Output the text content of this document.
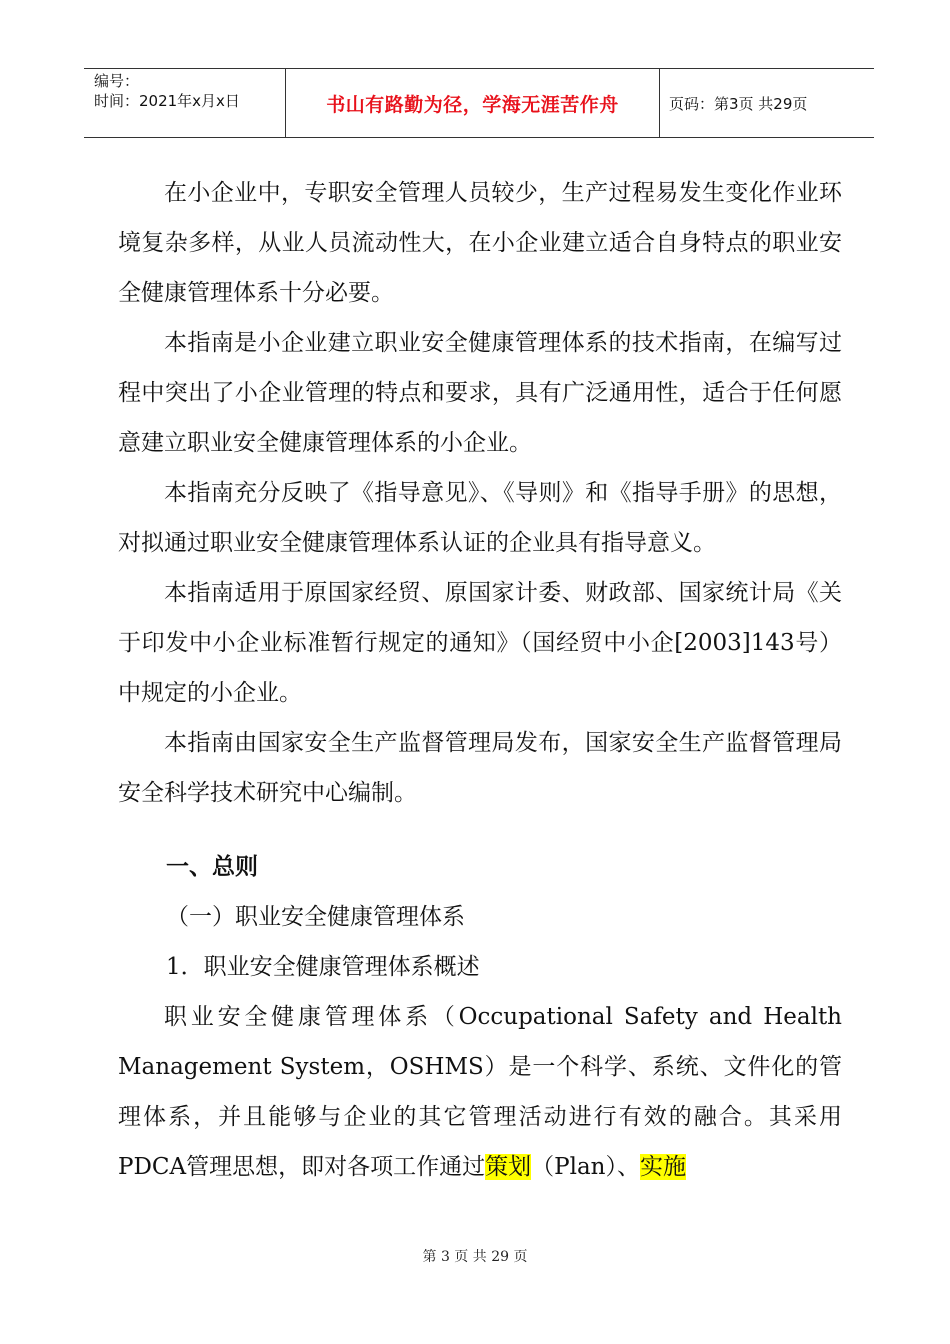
编号：
时间：2021年x月x日	书山有路勤为径，学海无涯苦作舟	页码：第3页 共29页

在小企业中，专职安全管理人员较少，生产过程易发生变化作业环境复杂多样，从业人员流动性大，在小企业建立适合自身特点的职业安全健康管理体系十分必要。

本指南是小企业建立职业安全健康管理体系的技术指南，在编写过程中突出了小企业管理的特点和要求，具有广泛通用性，适合于任何愿意建立职业安全健康管理体系的小企业。

本指南充分反映了《指导意见》、《导则》和《指导手册》的思想，对拟通过职业安全健康管理体系认证的企业具有指导意义。

本指南适用于原国家经贸、原国家计委、财政部、国家统计局《关于印发中小企业标准暂行规定的通知》（国经贸中小企[2003]143号）中规定的小企业。

本指南由国家安全生产监督管理局发布，国家安全生产监督管理局安全科学技术研究中心编制。

一、总则

（一）职业安全健康管理体系

1．职业安全健康管理体系概述

职业安全健康管理体系（Occupational Safety and Health Management System，OSHMS）是一个科学、系统、文件化的管理体系，并且能够与企业的其它管理活动进行有效的融合。其采用PDCA管理思想，即对各项工作通过策划（Plan）、实施

第 3 页 共 29 页
